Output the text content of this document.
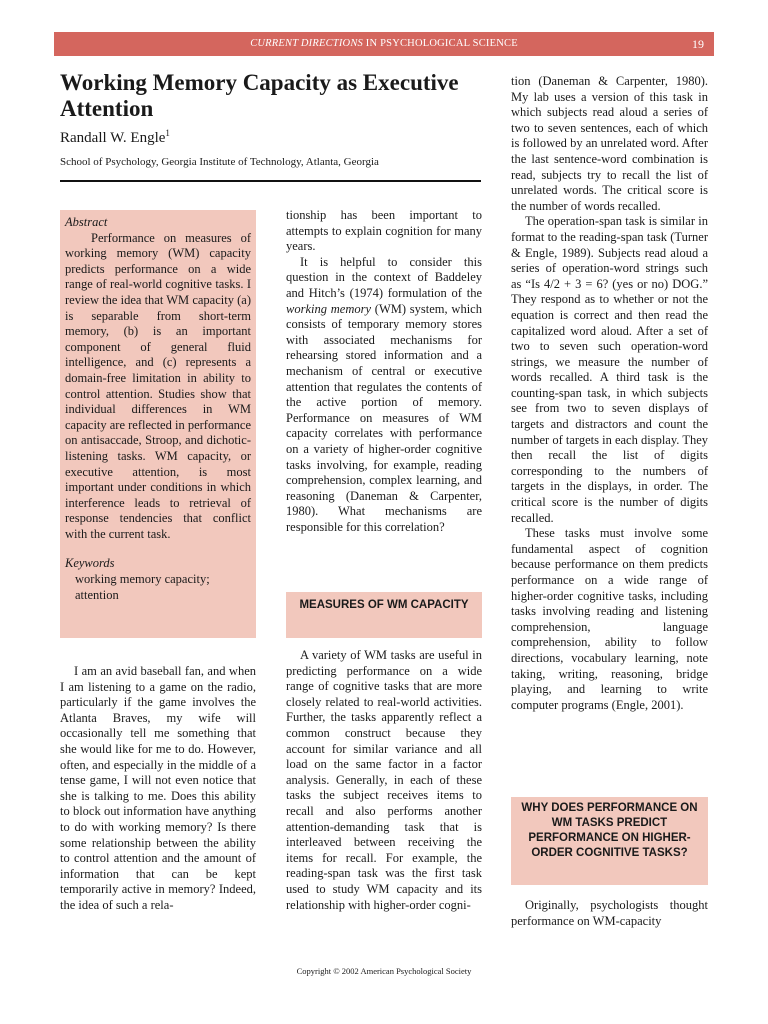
CURRENT DIRECTIONS IN PSYCHOLOGICAL SCIENCE	19
Working Memory Capacity as Executive Attention
Randall W. Engle$^1$
School of Psychology, Georgia Institute of Technology, Atlanta, Georgia
Abstract
Performance on measures of working memory (WM) capacity predicts performance on a wide range of real-world cognitive tasks. I review the idea that WM capacity (a) is separable from short-term memory, (b) is an important component of general fluid intelligence, and (c) represents a domain-free limitation in ability to control attention. Studies show that individual differences in WM capacity are reflected in performance on antisaccade, Stroop, and dichotic-listening tasks. WM capacity, or executive attention, is most important under conditions in which interference leads to retrieval of response tendencies that conflict with the current task.
Keywords
working memory capacity; attention

I am an avid baseball fan, and when I am listening to a game on the radio, particularly if the game involves the Atlanta Braves, my wife will occasionally tell me something that she would like for me to do. However, often, and especially in the middle of a tense game, I will not even notice that she is talking to me. Does this ability to block out information have anything to do with working memory? Is there some relationship between the ability to control attention and the amount of information that can be kept temporarily active in memory? Indeed, the idea of such a rela-

tionship has been important to attempts to explain cognition for many years.

It is helpful to consider this question in the context of Baddeley and Hitch’s (1974) formulation of the working memory (WM) system, which consists of temporary memory stores with associated mechanisms for rehearsing stored information and a mechanism of central or executive attention that regulates the contents of the active portion of memory. Performance on measures of WM capacity correlates with performance on a variety of higher-order cognitive tasks involving, for example, reading comprehension, complex learning, and reasoning (Daneman & Carpenter, 1980). What mechanisms are responsible for this correlation?

MEASURES OF WM CAPACITY

A variety of WM tasks are useful in predicting performance on a wide range of cognitive tasks that are more closely related to real-world activities. Further, the tasks apparently reflect a common construct because they account for similar variance and all load on the same factor in a factor analysis. Generally, in each of these tasks the subject receives items to recall and also performs another attention-demanding task that is interleaved between receiving the items for recall. For example, the reading-span task was the first task used to study WM capacity and its relationship with higher-order cogni-

tion (Daneman & Carpenter, 1980). My lab uses a version of this task in which subjects read aloud a series of two to seven sentences, each of which is followed by an unrelated word. After the last sentence-word combination is read, subjects try to recall the list of unrelated words. The critical score is the number of words recalled.

The operation-span task is similar in format to the reading-span task (Turner & Engle, 1989). Subjects read aloud a series of operation-word strings such as “Is 4/2 + 3 = 6? (yes or no) DOG.” They respond as to whether or not the equation is correct and then read the capitalized word aloud. After a set of two to seven such operation-word strings, we measure the number of words recalled. A third task is the counting-span task, in which subjects see from two to seven displays of targets and distractors and count the number of targets in each display. They then recall the list of digits corresponding to the numbers of targets in the displays, in order. The critical score is the number of digits recalled.

These tasks must involve some fundamental aspect of cognition because performance on them predicts performance on a wide range of higher-order cognitive tasks, including tasks involving reading and listening comprehension, language comprehension, ability to follow directions, vocabulary learning, note taking, writing, reasoning, bridge playing, and learning to write computer programs (Engle, 2001).

WHY DOES PERFORMANCE ON WM TASKS PREDICT PERFORMANCE ON HIGHER-ORDER COGNITIVE TASKS?

Originally, psychologists thought performance on WM-capacity

Copyright © 2002 American Psychological Society
